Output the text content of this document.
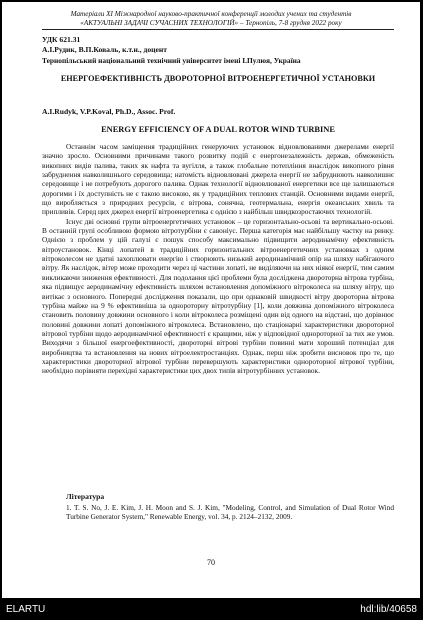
Матеріали XI Міжнародної науково-практичної конференції молодих учених та студентів
«АКТУАЛЬНІ ЗАДАЧІ СУЧАСНИХ ТЕХНОЛОГІЙ» – Тернопіль, 7-8 грудня 2022 року
УДК 621.31
А.І.Рудик, В.П.Коваль, к.т.н., доцент
Тернопільський національний технічний університет імені І.Пулюя, Україна
ЕНЕРГОЕФЕКТИВНІСТЬ ДВОРОТОРНОЇ ВІТРОЕНЕРГЕТИЧНОЇ УСТАНОВКИ
A.I.Rudyk, V.P.Koval, Ph.D., Assoc. Prof.
ENERGY EFFICIENCY OF A DUAL ROTOR WIND TURBINE

Останнім часом заміщення традиційних генеруючих установок відновлюваними джерелами енергії значно зросло. Основними причинами такого розвитку подій є енергонезалежність держав, обмеженість викопних видів палива, таких як нафта та вугілля, а також глобальне потепління внаслідок викопного рівня забруднення навколишнього середовища; натомість відновлювані джерела енергії не забруднюють навколишнє середовище і не потребують дорогого палива. Однак технології відновлюваної енергетики все ще залишаються дорогими і їх доступність не є такою високою, як у традиційних теплових станцій. Основними видами енергії, що виробляється з природних ресурсів, є вітрова, сонячна, геотермальна, енергія океанських хвиль та припливів. Серед цих джерел енергії вітроенергетика є однією з найбільш швидкозростаючих технологій.

Існує дві основні групи вітроенергетичних установок – це горизонтально-осьові та вертикально-осьові. В останній групі особливою формою вітротурбіни є савоніус. Перша категорія має найбільшу частку на ринку. Однією з проблем у цій галузі є пошук способу максимально підвищити аеродинамічну ефективність вітроустановок. Кінці лопатей в традиційних горизонтальних вітроенергетичних установках з одним вітроколесом не здатні захоплювати енергію і створюють низький аеродинамічний опір на шляху набігаючого вітру. Як наслідок, вітер може проходити через ці частини лопаті, не виділяючи на них ніякої енергії, тим самим викликаючи зниження ефективності. Для подолання цієї проблеми була досліджена двороторна вітрова турбіна, яка підвищує аеродинамічну ефективність шляхом встановлення допоміжного вітроколеса на шляху вітру, що витікає з основного. Попередні дослідження показали, що при однаковій швидкості вітру двороторна вітрова турбіна майже на 9 % ефективніша за однороторну вітротурбіну [1], коли довжина допоміжного вітроколеса становить половину довжини основного і коли вітроколеса розміщені один від одного на відстані, що дорівнює половині довжини лопаті допоміжного вітроколеса. Встановлено, що стаціонарні характеристики двороторної вітрової турбіни щодо аеродинамічної ефективності є кращими, ніж у відповідної однороторної за тих же умов. Виходячи з більшої енергоефективності, двороторні вітрові турбіни повинні мати хороший потенціал для виробництва та встановлення на нових вітроелектростанціях. Однак, перш ніж зробити висновок про те, що характеристики двороторної вітрової турбіни перевершують характеристики однороторної вітрової турбіни, необхідно порівняти перехідні характеристики цих двох типів вітротурбінних установок.

Література
1. T. S. No, J. E. Kim, J. H. Moon and S. J. Kim, "Modeling, Control, and Simulation of Dual Rotor Wind Turbine Generator System," Renewable Energy, vol. 34, p. 2124–2132, 2009.
70
ELARTU	hdl:lib/40658
